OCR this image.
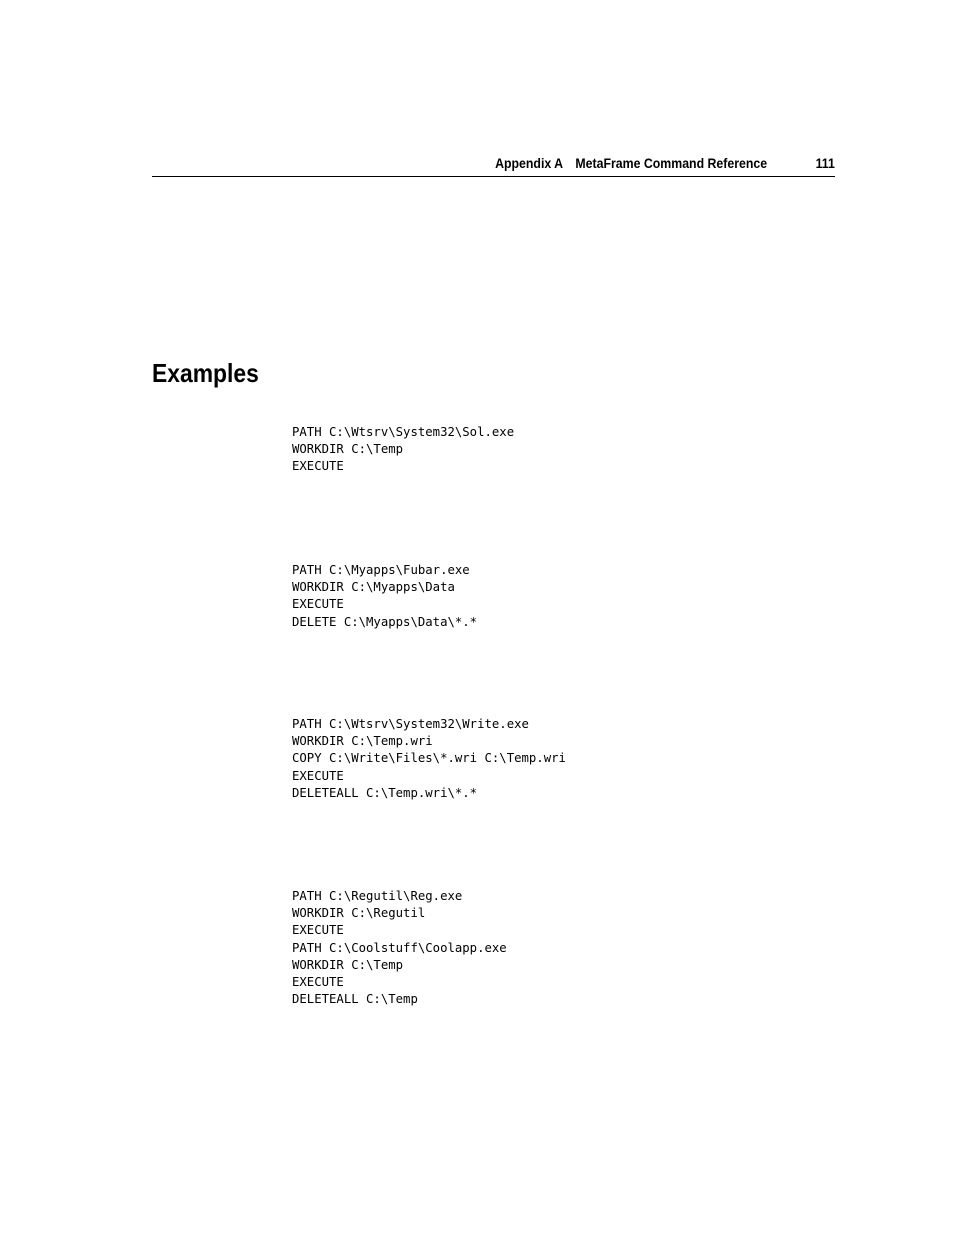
Appendix A MetaFrame Command Reference	111
Examples
PATH C:\Wtsrv\System32\Sol.exe
WORKDIR C:\Temp
EXECUTE
PATH C:\Myapps\Fubar.exe
WORKDIR C:\Myapps\Data
EXECUTE
DELETE C:\Myapps\Data\*.*
PATH C:\Wtsrv\System32\Write.exe
WORKDIR C:\Temp.wri
COPY C:\Write\Files\*.wri C:\Temp.wri
EXECUTE
DELETEALL C:\Temp.wri\*.*
PATH C:\Regutil\Reg.exe
WORKDIR C:\Regutil
EXECUTE
PATH C:\Coolstuff\Coolapp.exe
WORKDIR C:\Temp
EXECUTE
DELETEALL C:\Temp
